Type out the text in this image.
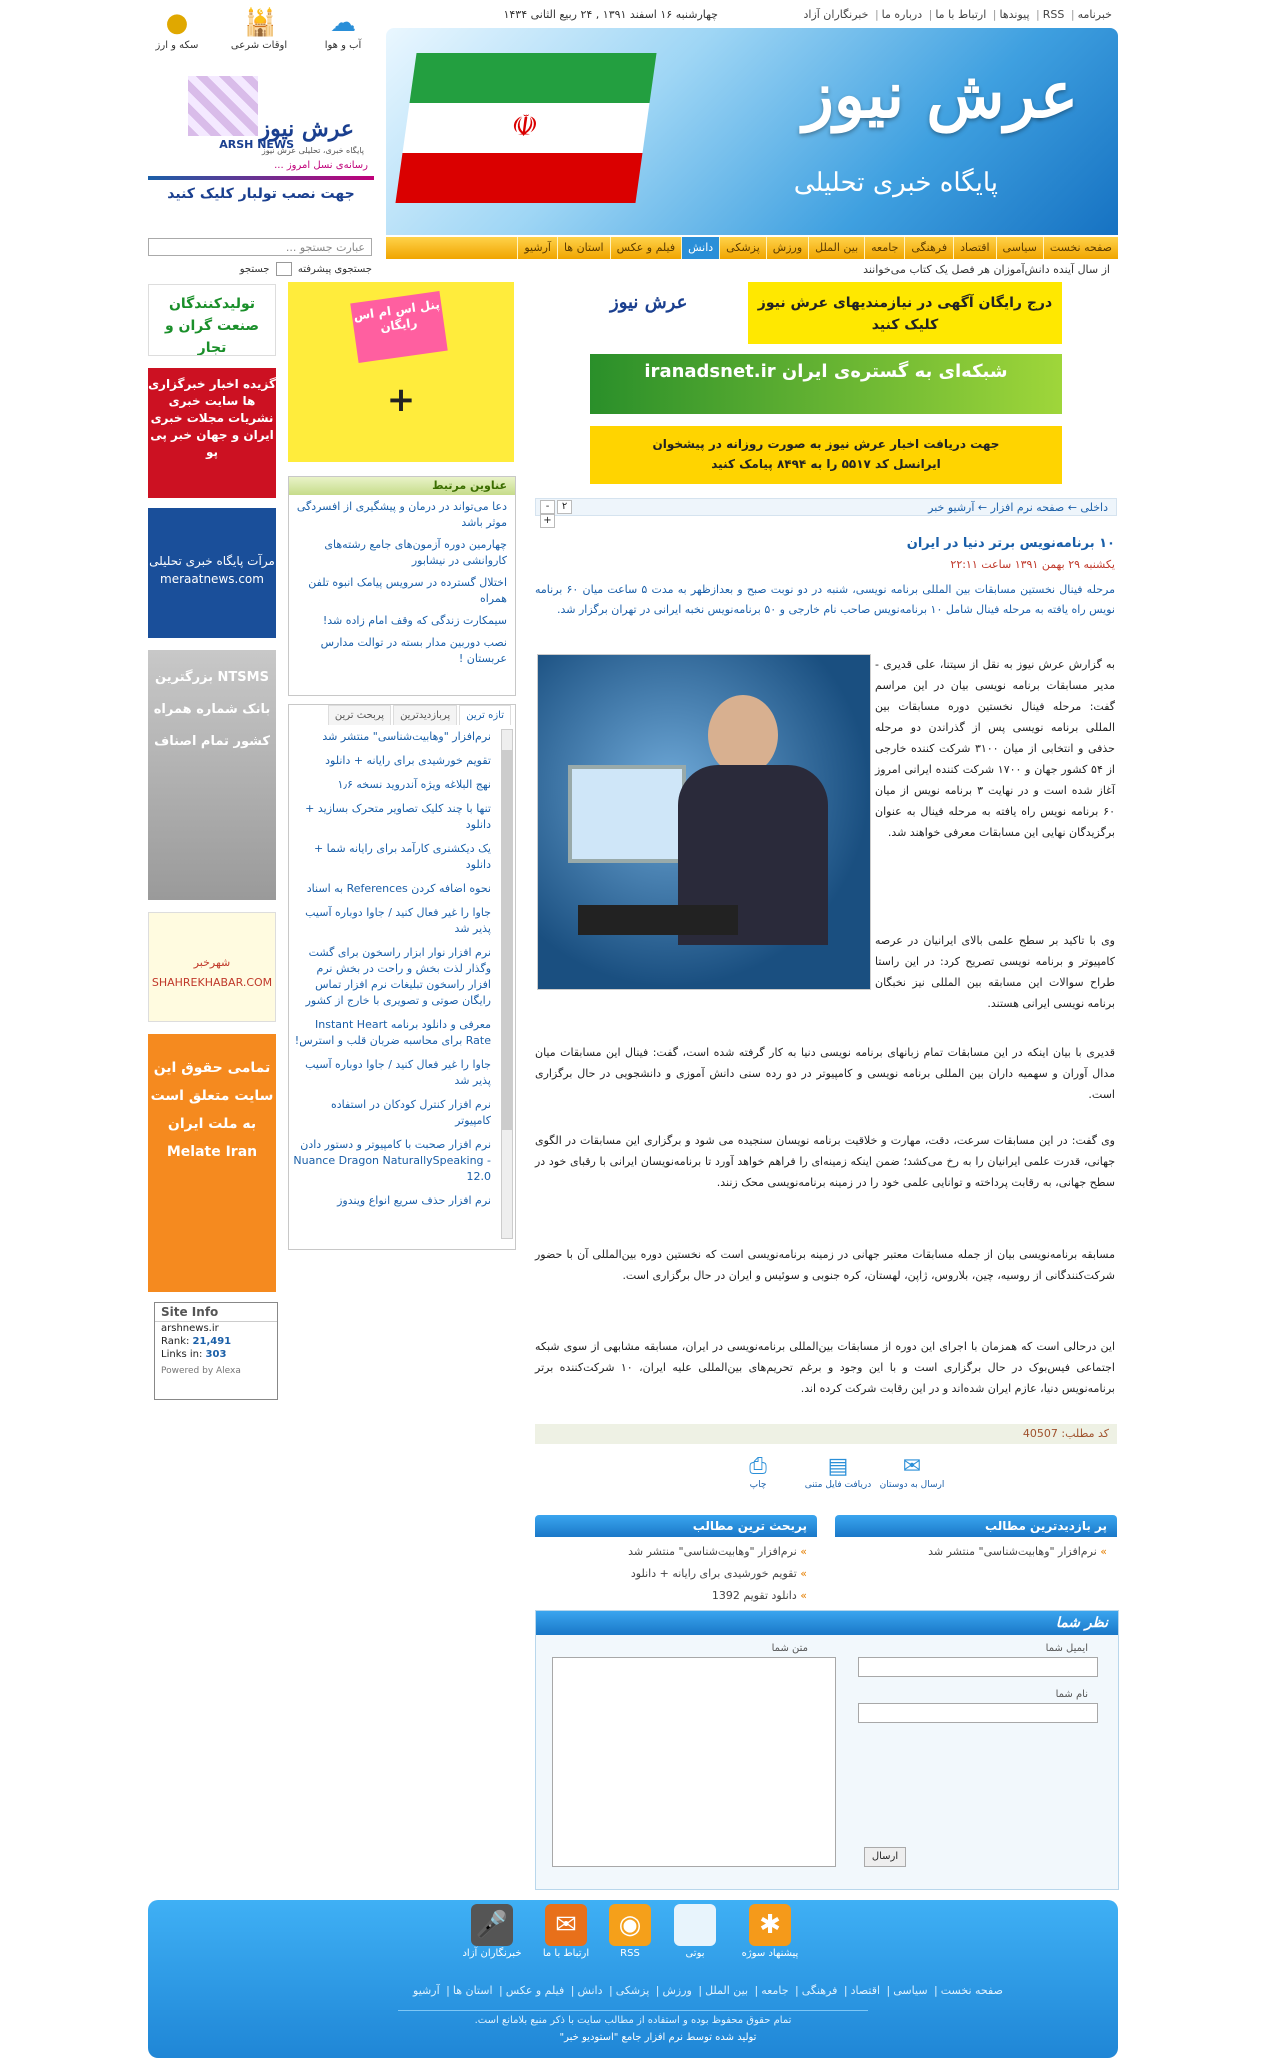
خبرنامه| RSS| پیوندها| ارتباط با ما| درباره ما| خبرنگاران آزاد
چهارشنبه ۱۶ اسفند ۱۳۹۱ , ۲۴ ربیع الثانی ۱۴۳۴
☫	عرش نیوز
پایگاه خبری تحلیلی
صفحه نخست
سیاسی
اقتصاد
فرهنگی
جامعه
بین الملل
ورزش
پزشکی
دانش
فیلم و عکس
استان ها
آرشیو
از سال آینده دانش‌آموزان هر فصل یک کتاب می‌خوانند
☁
آب و هوا
🕌
اوقات شرعی
●
سکه و ارز
عرش نیوز
ARSH NEWS
پایگاه خبری، تحلیلی عرش نیوز
رسانه‌ی نسل امروز ...
جهت نصب تولبار کلیک کنید
عبارت جستجو ...
جستجوی پیشرفته  جستجو
پنل اس ام اس رایگان
+
عناوین مرتبط
دعا می‌تواند در درمان و پیشگیری از افسردگی موثر باشد
چهارمین دوره آزمون‌های جامع رشته‌های کاروانشی در نیشابور
اختلال گسترده در سرویس پیامک انبوه تلفن همراه
سیمکارت زندگی که وقف امام زاده شد!
نصب دوربین مدار بسته در توالت مدارس عربستان !
تازه ترین
پربازدیدترین
پربحث ترین
نرم‌افزار "وهابیت‌شناسی" منتشر شد
تقویم خورشیدی برای رایانه + دانلود
نهج البلاغه ویژه آندروید نسخه ۱٫۶
تنها با چند کلیک تصاویر متحرک بسازید + دانلود
یک دیکشنری کارآمد برای رایانه شما + دانلود
نحوه اضافه کردن References به اسناد
جاوا را غیر فعال کنید / جاوا دوباره آسیب پذیر شد
نرم افزار نوار ابزار راسخون برای گشت وگذار لذت بخش و راحت در بخش نرم افزار راسخون تبلیغات نرم افزار تماس رایگان صوتی و تصویری با خارج از کشور
معرفی و دانلود برنامه Instant Heart Rate برای محاسبه ضربان قلب و استرس!
جاوا را غیر فعال کنید / جاوا دوباره آسیب پذیر شد
نرم افزار کنترل کودکان در استفاده کامپیوتر
نرم افزار صحبت با کامپیوتر و دستور دادن - Nuance Dragon NaturallySpeaking 12.0
نرم افزار حذف سریع انواع ویندوز
تولیدکنندگان صنعت گران و تجار
گزیده اخبار خبرگزاری ها سایت خبری نشریات مجلات خبری ایران و جهان خبر پی پو
مرآت پایگاه خبری تحلیلی meraatnews.com
NTSMS بزرگترین بانک شماره همراه کشور تمام اصناف
شهرخبر SHAHREKHABAR.COM
تمامی حقوق این سایت متعلق است به ملت ایران Melate Iran
Site Info
arshnews.ir
Rank: 21,491
Links in: 303
Powered by Alexa
درج رایگان آگهی در نیازمندیهای عرش نیوز کلیک کنید
عرش نیوز
شبکه‌ای به گستره‌ی ایران iranadsnet.ir
جهت دریافت اخبار عرش نیوز به صورت روزانه در پیشخوان ایرانسل کد ۵۵۱۷ را به ۸۴۹۴ پیامک کنید
داخلی ← صفحه نرم افزار ← آرشیو خبر
- ۲+
۱۰ برنامه‌نویس برتر دنیا در ایران
یکشنبه ۲۹ بهمن ۱۳۹۱ ساعت ۲۲:۱۱
مرحله فینال نخستین مسابقات بین المللی برنامه نویسی، شنبه در دو نوبت صبح و بعدازظهر به مدت ۵ ساعت میان ۶۰ برنامه نویس راه یافته به مرحله فینال شامل ۱۰ برنامه‌نویس صاحب نام خارجی و ۵۰ برنامه‌نویس نخبه ایرانی در تهران برگزار شد.
به گزارش عرش نیوز به نقل از سیتنا، علی قدیری - مدیر مسابقات برنامه نویسی بیان در این مراسم گفت: مرحله فینال نخستین دوره مسابقات بین المللی برنامه نویسی پس از گذراندن دو مرحله حذفی و انتخابی از میان ۳۱۰۰ شرکت کننده خارجی از ۵۴ کشور جهان و ۱۷۰۰ شرکت کننده ایرانی امروز آغاز شده است و در نهایت ۳ برنامه نویس از میان ۶۰ برنامه نویس راه یافته به مرحله فینال به عنوان برگزیدگان نهایی این مسابقات معرفی خواهند شد.
وی با تاکید بر سطح علمی بالای ایرانیان در عرصه کامپیوتر و برنامه نویسی تصریح کرد: در این راستا طراح سوالات این مسابقه بین المللی نیز نخبگان برنامه نویسی ایرانی هستند.
قدیری با بیان اینکه در این مسابقات تمام زبانهای برنامه نویسی دنیا به کار گرفته شده است، گفت: فینال این مسابقات میان مدال آوران و سهمیه داران بین المللی برنامه نویسی و کامپیوتر در دو رده سنی دانش آموزی و دانشجویی در حال برگزاری است.
وی گفت: در این مسابقات سرعت، دقت، مهارت و خلاقیت برنامه نویسان سنجیده می شود و برگزاری این مسابقات در الگوی جهانی، قدرت علمی ایرانیان را به رخ می‌کشد؛ ضمن اینکه زمینه‌ای را فراهم خواهد آورد تا برنامه‌نویسان ایرانی با رقبای خود در سطح جهانی، به رقابت پرداخته و توانایی علمی خود را در زمینه برنامه‌نویسی محک زنند.
مسابقه برنامه‌نویسی بیان از جمله مسابقات معتبر جهانی در زمینه برنامه‌نویسی است که نخستین دوره بین‌المللی آن با حضور شرکت‌کنندگانی از روسیه، چین، بلاروس، ژاپن، لهستان، کره جنوبی و سوئیس و ایران در حال برگزاری است.
این درحالی است که همزمان با اجرای این دوره از مسابقات بین‌المللی برنامه‌نویسی در ایران، مسابقه مشابهی از سوی شبکه اجتماعی فیس‌بوک در حال برگزاری است و با این وجود و برغم تحریم‌های بین‌المللی علیه ایران، ۱۰ شرکت‌کننده برتر برنامه‌نویس دنیا، عازم ایران شده‌اند و در این رقابت شرکت کرده اند.
کد مطلب: 40507
✉
ارسال به دوستان
▤
دریافت فایل متنی
⎙
چاپ
پر بازدیدترین مطالب
» نرم‌افزار "وهابیت‌شناسی" منتشر شد
پربحث ترین مطالب
» نرم‌افزار "وهابیت‌شناسی" منتشر شد
» تقویم خورشیدی برای رایانه + دانلود
» دانلود تقویم 1392
نظر شما
ایمیل شما
نام شما
متن شما
ارسال
✱
پیشنهاد سوژه
بوتی
◉
RSS
✉
ارتباط با ما
🎤
خبرنگاران آزاد
صفحه نخست| سیاسی| اقتصاد| فرهنگی| جامعه| بین الملل| ورزش| پزشکی| دانش| فیلم و عکس| استان ها| آرشیو
تمام حقوق محفوظ بوده و استفاده از مطالب سایت با ذکر منبع بلامانع است.
تولید شده توسط نرم افزار جامع "استودیو خبر"
